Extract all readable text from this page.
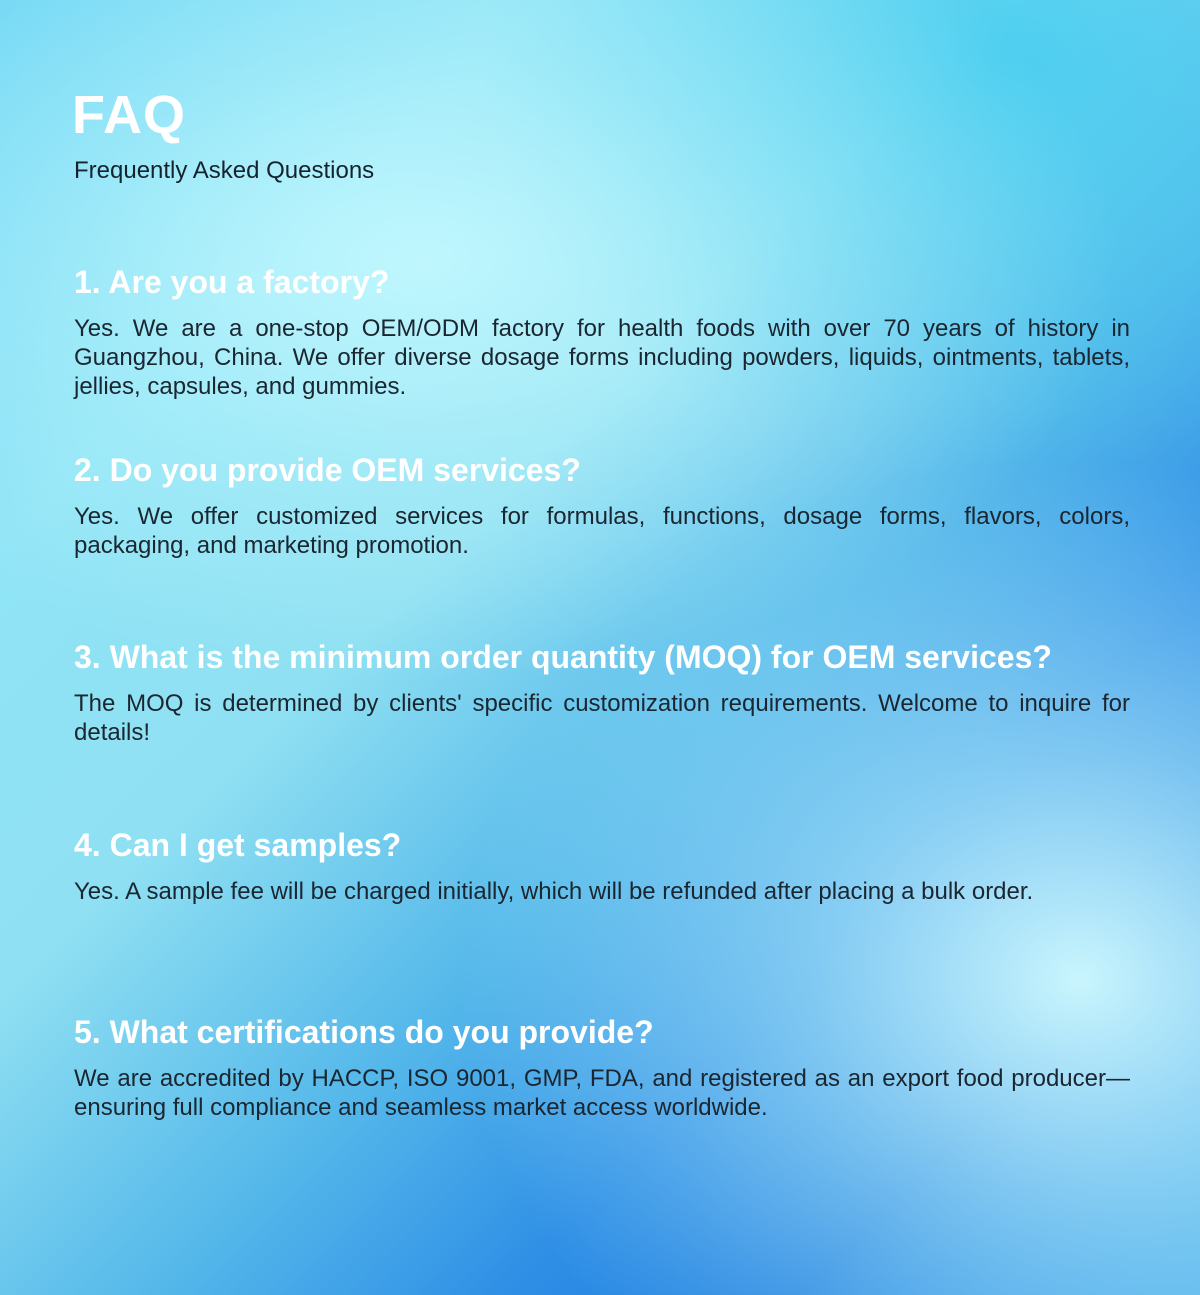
FAQ

Frequently Asked Questions

1. Are you a factory?

Yes. We are a one-stop OEM/ODM factory for health foods with over 70 years of history in Guangzhou, China. We offer diverse dosage forms including powders, liquids, ointments, tablets, jellies, capsules, and gummies.

2. Do you provide OEM services?

Yes. We offer customized services for formulas, functions, dosage forms, flavors, colors, packaging, and marketing promotion.

3. What is the minimum order quantity (MOQ) for OEM services?

The MOQ is determined by clients' specific customization requirements. Welcome to inquire for details!

4. Can I get samples?

Yes. A sample fee will be charged initially, which will be refunded after placing a bulk order.

5. What certifications do you provide?

We are accredited by HACCP, ISO 9001, GMP, FDA, and registered as an export food producer—ensuring full compliance and seamless market access worldwide.
